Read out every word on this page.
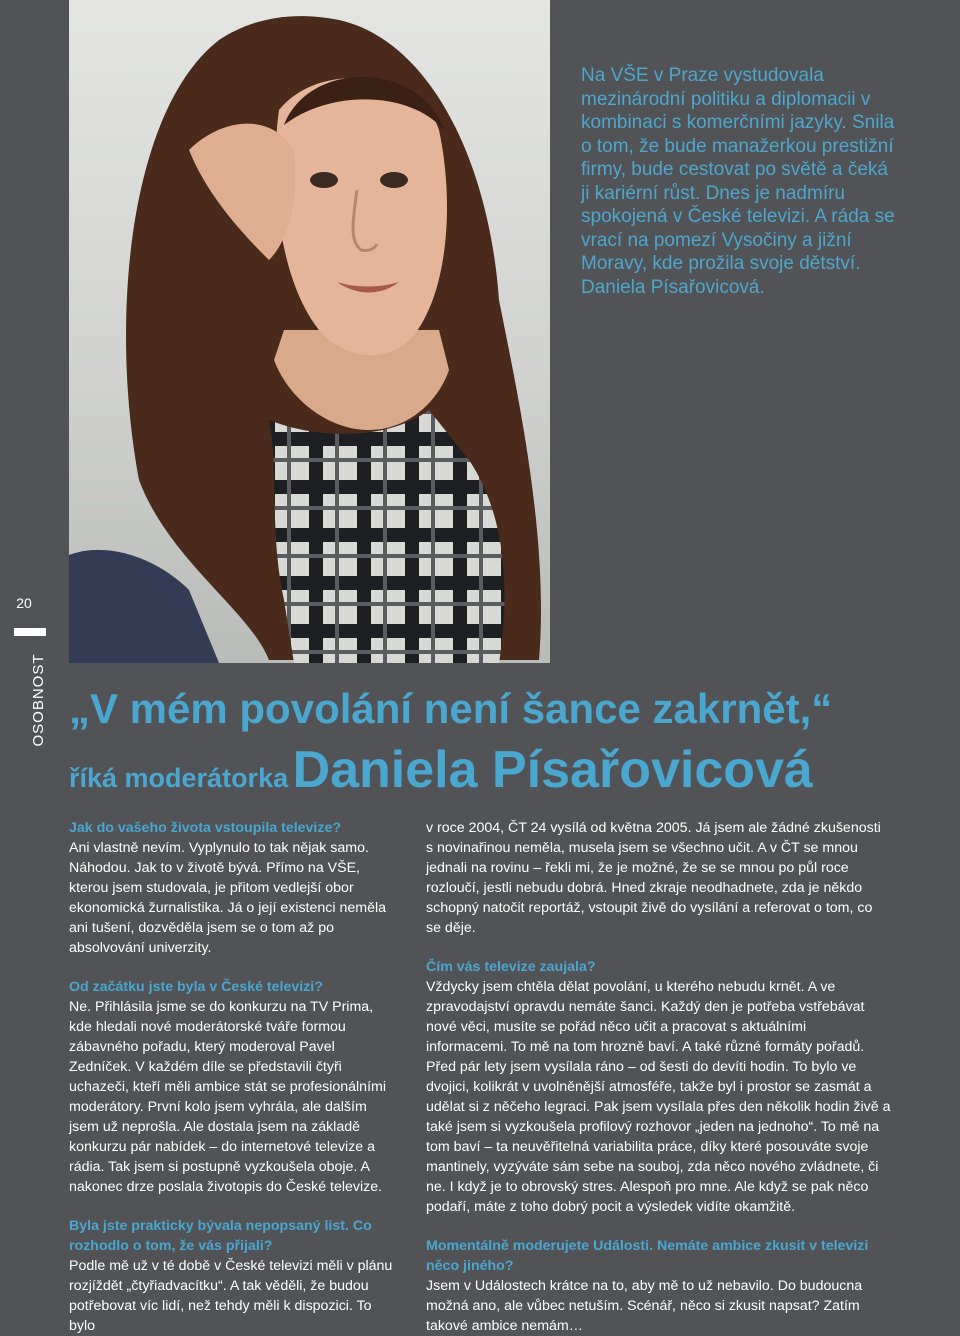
20
OSOBNOST
Na VŠE v Praze vystudovala mezinárodní politiku a diplomacii v kombinaci s komerčními jazyky. Snila o tom, že bude manažerkou prestižní firmy, bude cestovat po světě a čeká ji kariérní růst. Dnes je nadmíru spokojená v České televizi. A ráda se vrací na pomezí Vysočiny a jižní Moravy, kde prožila svoje dětství. Daniela Písařovicová.
„V mém povolání není šance zakrnět,“
říká moderátorka Daniela Písařovicová

Jak do vašeho života vstoupila televize?

Ani vlastně nevím. Vyplynulo to tak nějak samo. Náhodou. Jak to v životě bývá. Přímo na VŠE, kterou jsem studovala, je přitom vedlejší obor ekonomická žurnalistika. Já o její existenci neměla ani tušení, dozvěděla jsem se o tom až po absolvování univerzity.

Od začátku jste byla v České televizi?

Ne. Přihlásila jsme se do konkurzu na TV Prima, kde hledali nové moderátorské tváře formou zábavného pořadu, který moderoval Pavel Zedníček. V každém díle se představili čtyři uchazeči, kteří měli ambice stát se profesionálními moderátory. První kolo jsem vyhrála, ale dalším jsem už neprošla. Ale dostala jsem na základě konkurzu pár nabídek – do internetové televize a rádia. Tak jsem si postupně vyzkoušela oboje. A nakonec drze poslala životopis do České televize.

Byla jste prakticky bývala nepopsaný list. Co rozhodlo o tom, že vás přijali?

Podle mě už v té době v České televizi měli v plánu rozjíždět „čtyřiadvacítku“. A tak věděli, že budou potřebovat víc lidí, než tehdy měli k dispozici. To bylo

v roce 2004, ČT 24 vysílá od května 2005. Já jsem ale žádné zkušenosti s novinařinou neměla, musela jsem se všechno učit. A v ČT se mnou jednali na rovinu – řekli mi, že je možné, že se se mnou po půl roce rozloučí, jestli nebudu dobrá. Hned zkraje neodhadnete, zda je někdo schopný natočit reportáž, vstoupit živě do vysílání a referovat o tom, co se děje.

Čím vás televize zaujala?

Vždycky jsem chtěla dělat povolání, u kterého nebudu krnět. A ve zpravodajství opravdu nemáte šanci. Každý den je potřeba vstřebávat nové věci, musíte se pořád něco učit a pracovat s aktuálními informacemi. To mě na tom hrozně baví. A také různé formáty pořadů. Před pár lety jsem vysílala ráno – od šesti do devíti hodin. To bylo ve dvojici, kolikrát v uvolněnější atmosféře, takže byl i prostor se zasmát a udělat si z něčeho legraci. Pak jsem vysílala přes den několik hodin živě a také jsem si vyzkoušela profilový rozhovor „jeden na jednoho“. To mě na tom baví – ta neuvěřitelná variabilita práce, díky které posouváte svoje mantinely, vyzýváte sám sebe na souboj, zda něco nového zvládnete, či ne. I když je to obrovský stres. Alespoň pro mne. Ale když se pak něco podaří, máte z toho dobrý pocit a výsledek vidíte okamžitě.

Momentálně moderujete Události. Nemáte ambice zkusit v televizi něco jiného?

Jsem v Událostech krátce na to, aby mě to už nebavilo. Do budoucna možná ano, ale vůbec netuším. Scénář, něco si zkusit napsat? Zatím takové ambice nemám…
